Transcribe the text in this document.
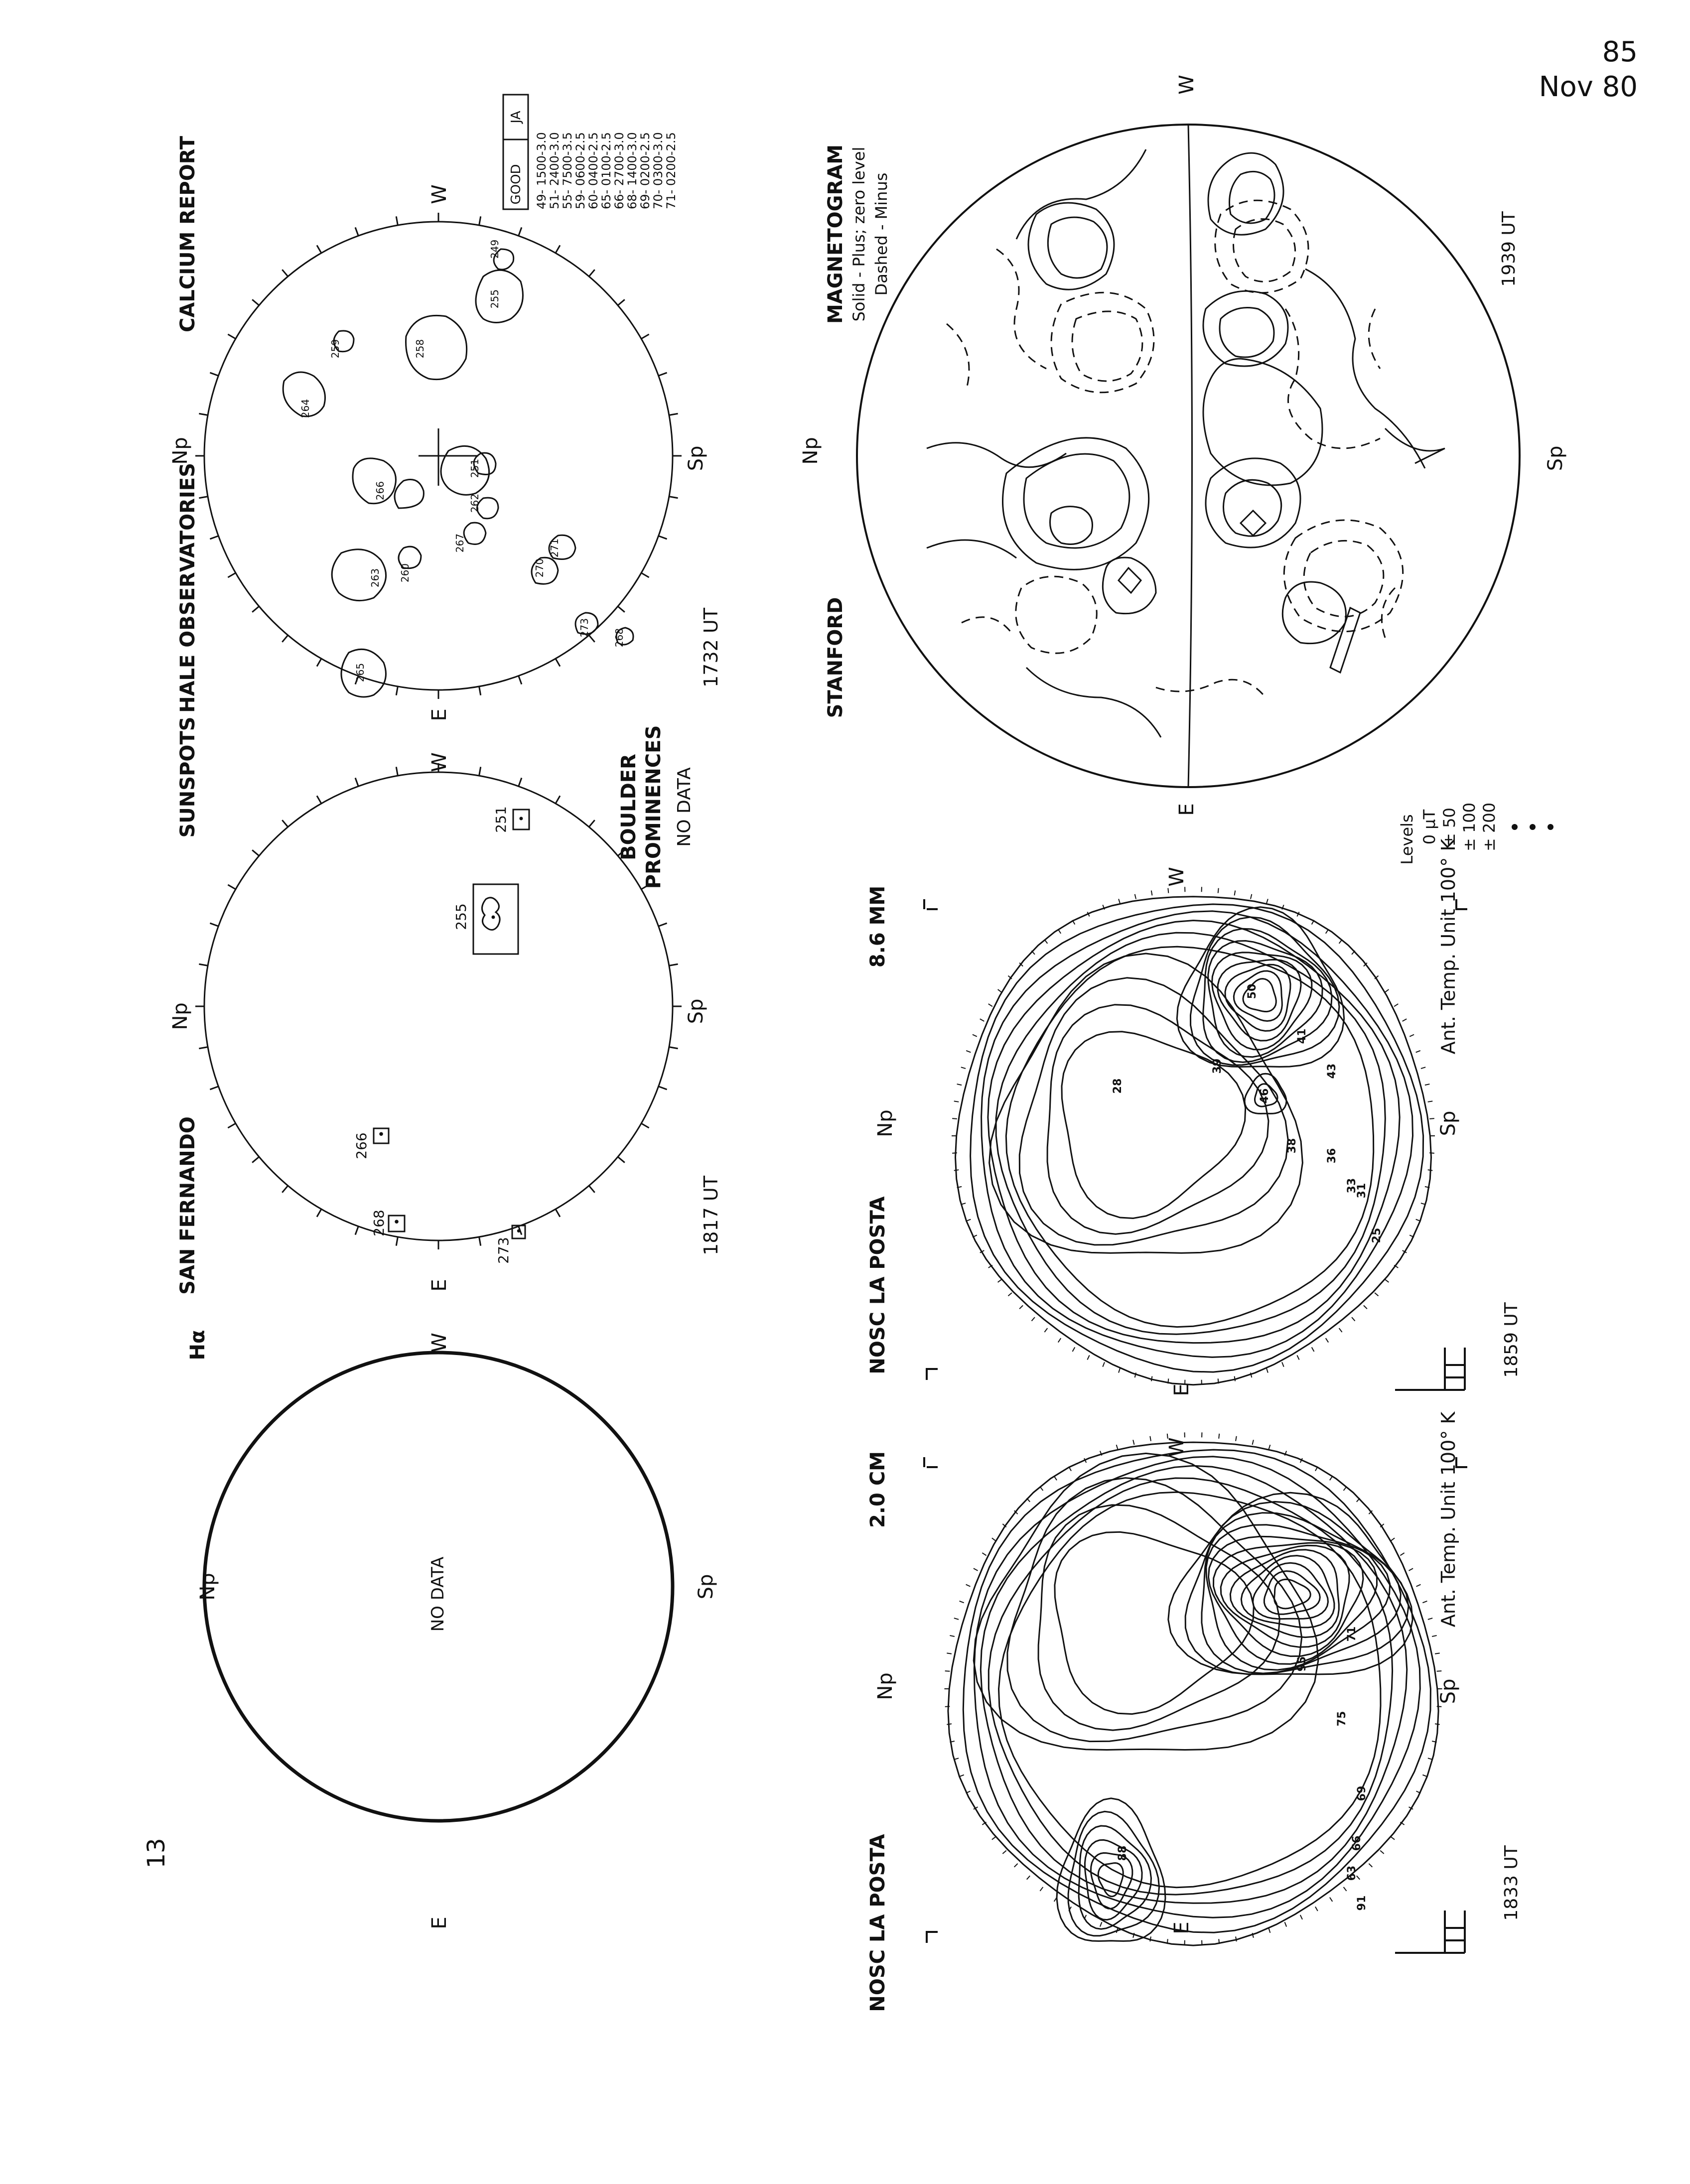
85
Nov 80
13
Hα
Np	Sp
E
W
NO DATA
SAN FERNANDO
SUNSPOTS
Np	Sp
E
W
1817 UT
•
266
•
268	•
273
•
255
•
251	BOULDER PROMINENCES NO DATA
HALE OBSERVATORIES
CALCIUM REPORT
Np	Sp
E
W
1732 UT
266
264
259
263 260
267
270
271
262
258
255
249
251
273
268
265
GOOD
JA
49- 1500-3.0
51- 2400-3.0
55- 7500-3.5
59- 0600-2.5
60- 0400-2.5
65- 0100-2.5
66- 2700-3.0
68- 1400-3.0
69- 0200-2.5
70- 0300-3.0
71- 0200-2.5
75
71
69
66
63
91
88
95
NOSC LA POSTA
2.0 CM
Np	Sp
E
W	Ant. Temp. Unit 100° K
1833 UT
46
41
43
33
25
31
38
39
36
50
28
NOSC LA POSTA
8.6 MM
Np	Sp
E
W	Ant. Temp. Unit 100° K
1859 UT
STANFORD
MAGNETOGRAM Solid - Plus; zero level Dashed - Minus
Np	Sp
E
W
1939 UT
Levels 0 μT ± 50 ± 100 ± 200
